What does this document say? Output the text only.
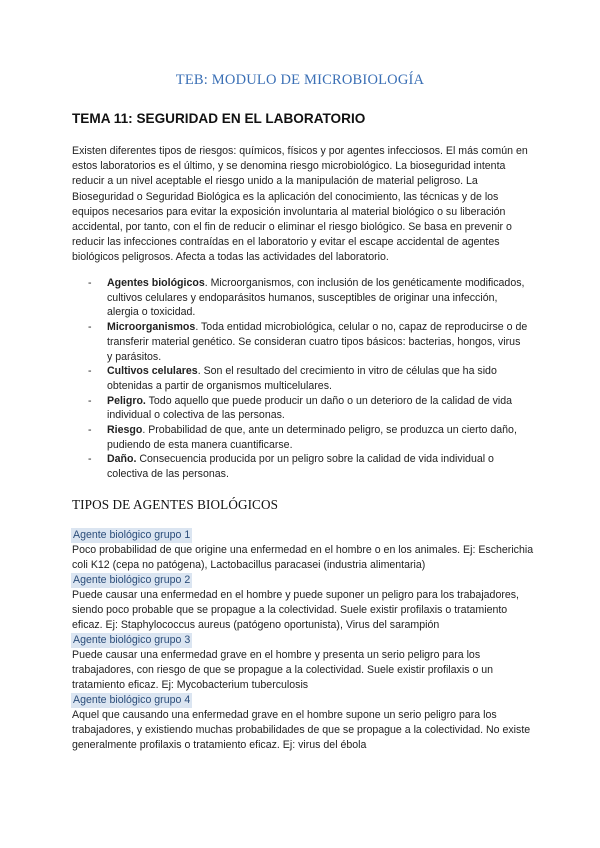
TEB: MODULO DE MICROBIOLOGÍA
TEMA 11: SEGURIDAD EN EL LABORATORIO

Existen diferentes tipos de riesgos: químicos, físicos y por agentes infecciosos. El más común en estos laboratorios es el último, y se denomina riesgo microbiológico. La bioseguridad intenta reducir a un nivel aceptable el riesgo unido a la manipulación de material peligroso. La Bioseguridad o Seguridad Biológica es la aplicación del conocimiento, las técnicas y de los equipos necesarios para evitar la exposición involuntaria al material biológico o su liberación accidental, por tanto, con el fin de reducir o eliminar el riesgo biológico. Se basa en prevenir o reducir las infecciones contraídas en el laboratorio y evitar el escape accidental de agentes biológicos peligrosos. Afecta a todas las actividades del laboratorio.

- Agentes biológicos. Microorganismos, con inclusión de los genéticamente modificados, cultivos celulares y endoparásitos humanos, susceptibles de originar una infección, alergia o toxicidad.
- Microorganismos. Toda entidad microbiológica, celular o no, capaz de reproducirse o de transferir material genético. Se consideran cuatro tipos básicos: bacterias, hongos, virus y parásitos.
- Cultivos celulares. Son el resultado del crecimiento in vitro de células que ha sido obtenidas a partir de organismos multicelulares.
- Peligro. Todo aquello que puede producir un daño o un deterioro de la calidad de vida individual o colectiva de las personas.
- Riesgo. Probabilidad de que, ante un determinado peligro, se produzca un cierto daño, pudiendo de esta manera cuantificarse.
- Daño. Consecuencia producida por un peligro sobre la calidad de vida individual o colectiva de las personas.
TIPOS DE AGENTES BIOLÓGICOS
Agente biológico grupo 1

Poco probabilidad de que origine una enfermedad en el hombre o en los animales. Ej: Escherichia coli K12 (cepa no patógena), Lactobacillus paracasei (industria alimentaria)

Agente biológico grupo 2

Puede causar una enfermedad en el hombre y puede suponer un peligro para los trabajadores, siendo poco probable que se propague a la colectividad. Suele existir profilaxis o tratamiento eficaz. Ej: Staphylococcus aureus (patógeno oportunista), Virus del sarampión

Agente biológico grupo 3

Puede causar una enfermedad grave en el hombre y presenta un serio peligro para los trabajadores, con riesgo de que se propague a la colectividad. Suele existir profilaxis o un tratamiento eficaz. Ej: Mycobacterium tuberculosis

Agente biológico grupo 4

Aquel que causando una enfermedad grave en el hombre supone un serio peligro para los trabajadores, y existiendo muchas probabilidades de que se propague a la colectividad. No existe generalmente profilaxis o tratamiento eficaz. Ej: virus del ébola
